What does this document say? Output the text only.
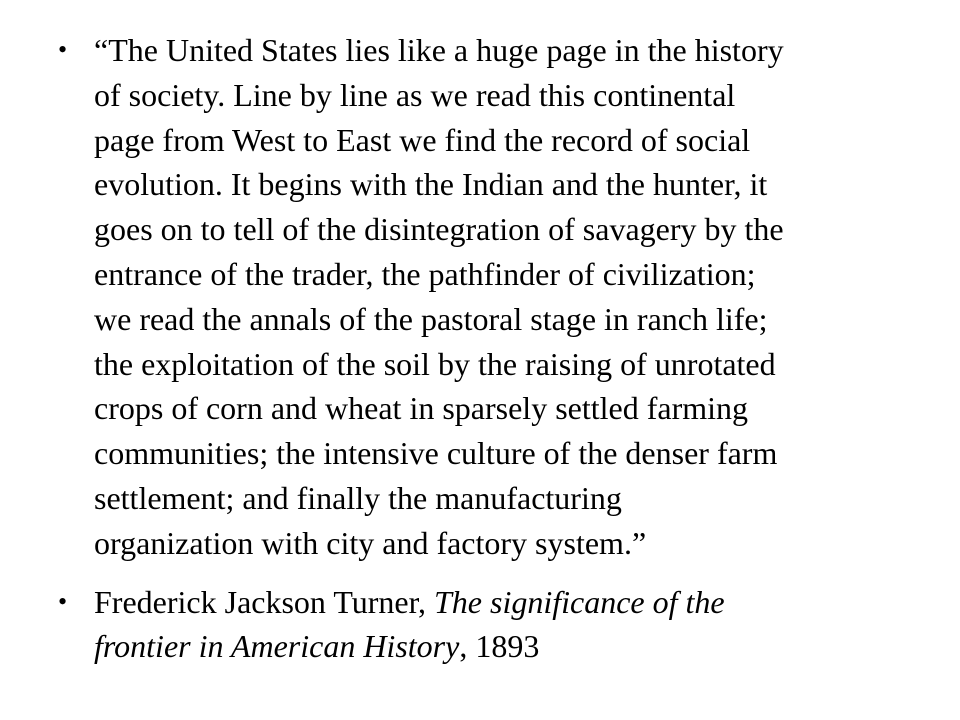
• “The United States lies like a huge page in the history
of society. Line by line as we read this continental
page from West to East we find the record of social
evolution. It begins with the Indian and the hunter, it
goes on to tell of the disintegration of savagery by the
entrance of the trader, the pathfinder of civilization;
we read the annals of the pastoral stage in ranch life;
the exploitation of the soil by the raising of unrotated
crops of corn and wheat in sparsely settled farming
communities; the intensive culture of the denser farm
settlement; and finally the manufacturing
organization with city and factory system.”
• Frederick Jackson Turner, The significance of the
frontier in American History, 1893
